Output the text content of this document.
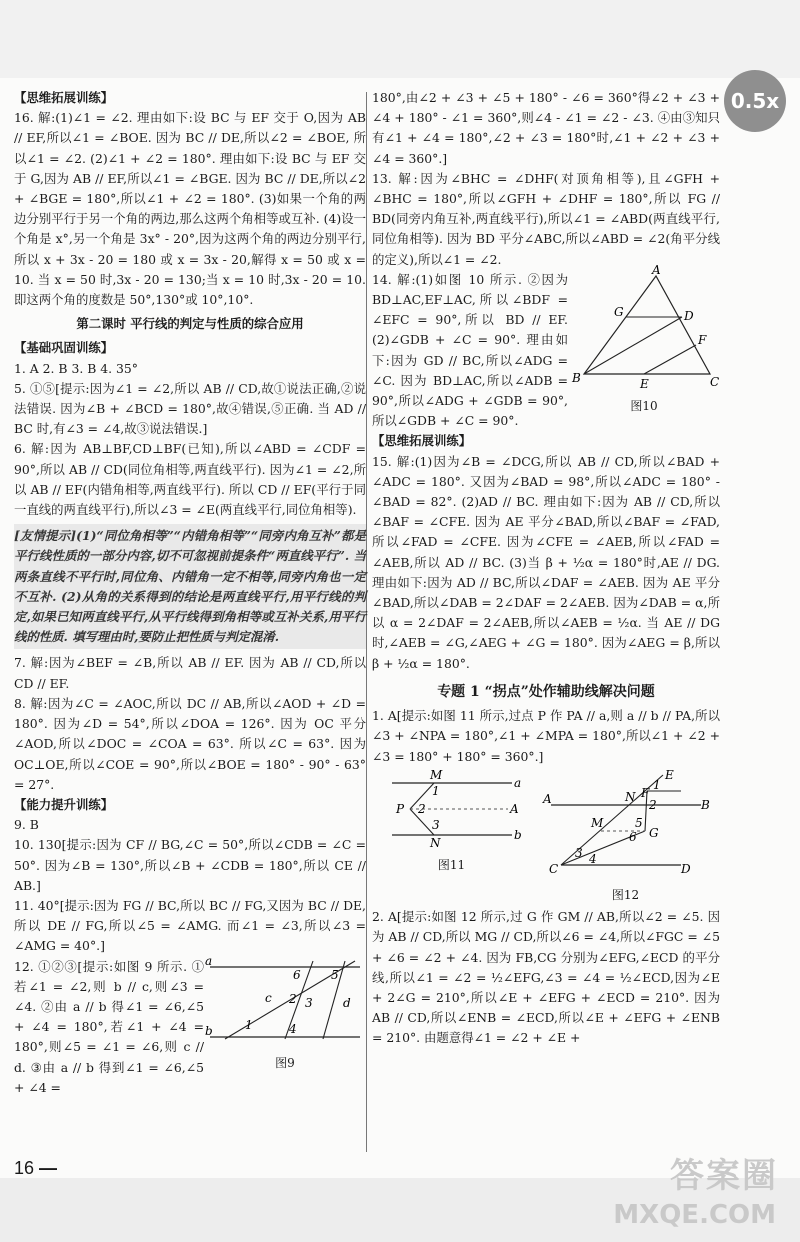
0.5x

【思维拓展训练】

16. 解:(1)∠1 = ∠2. 理由如下:设 BC 与 EF 交于 O,因为 AB // EF,所以∠1 = ∠BOE. 因为 BC // DE,所以∠2 = ∠BOE, 所以∠1 = ∠2. (2)∠1 + ∠2 = 180°. 理由如下:设 BC 与 EF 交于 G,因为 AB // EF,所以∠1 = ∠BGE. 因为 BC // DE,所以∠2 + ∠BGE = 180°,所以∠1 + ∠2 = 180°. (3)如果一个角的两边分别平行于另一个角的两边,那么这两个角相等或互补. (4)设一个角是 x°,另一个角是 3x° - 20°,因为这两个角的两边分别平行,所以 x + 3x - 20 = 180 或 x = 3x - 20,解得 x = 50 或 x = 10. 当 x = 50 时,3x - 20 = 130;当 x = 10 时,3x - 20 = 10. 即这两个角的度数是 50°,130°或 10°,10°.

第二课时 平行线的判定与性质的综合应用

【基础巩固训练】

1. A 2. B 3. B 4. 35°

5. ①⑤[提示:因为∠1 = ∠2,所以 AB // CD,故①说法正确,②说法错误. 因为∠B + ∠BCD = 180°,故④错误,⑤正确. 当 AD // BC 时,有∠3 = ∠4,故③说法错误.]

6. 解:因为 AB⊥BF,CD⊥BF(已知),所以∠ABD = ∠CDF = 90°,所以 AB // CD(同位角相等,两直线平行). 因为∠1 = ∠2,所以 AB // EF(内错角相等,两直线平行). 所以 CD // EF(平行于同一直线的两直线平行),所以∠3 = ∠E(两直线平行,同位角相等).

[友情提示](1)“同位角相等”“内错角相等”“同旁内角互补”都是平行线性质的一部分内容,切不可忽视前提条件“两直线平行”. 当两条直线不平行时,同位角、内错角一定不相等,同旁内角也一定不互补. (2)从角的关系得到的结论是两直线平行,用平行线的判定,如果已知两直线平行,从平行线得到角相等或互补关系,用平行线的性质. 填写理由时,要防止把性质与判定混淆.

7. 解:因为∠BEF = ∠B,所以 AB // EF. 因为 AB // CD,所以 CD // EF.

8. 解:因为∠C = ∠AOC,所以 DC // AB,所以∠AOD + ∠D = 180°. 因为∠D = 54°,所以∠DOA = 126°. 因为 OC 平分∠AOD,所以∠DOC = ∠COA = 63°. 所以∠C = 63°. 因为 OC⊥OE,所以∠COE = 90°,所以∠BOE = 180° - 90° - 63° = 27°.

【能力提升训练】

9. B

10. 130[提示:因为 CF // BG,∠C = 50°,所以∠CDB = ∠C = 50°. 因为∠B = 130°,所以∠B + ∠CDB = 180°,所以 CE // AB.]

11. 40°[提示:因为 FG // BC,所以 BC // FG,又因为 BC // DE,所以 DE // FG,所以∠5 = ∠AMG. 而∠1 = ∠3,所以∠3 = ∠AMG = 40°.]

12. ①②③[提示:如图 9 所示. ①若∠1 = ∠2,则 b // c,则∠3 = ∠4. ②由 a // b 得∠1 = ∠6,∠5 + ∠4 = 180°,若∠1 + ∠4 = 180°,则∠5 = ∠1 = ∠6,则 c // d. ③由 a // b 得到∠1 = ∠6,∠5 + ∠4 =

a
b
c	d
1
2 3
4
5
6
图9

180°,由∠2 + ∠3 + ∠5 + 180° - ∠6 = 360°得∠2 + ∠3 + ∠4 + 180° - ∠1 = 360°,则∠4 - ∠1 = ∠2 - ∠3. ④由③知只有∠1 + ∠4 = 180°,∠2 + ∠3 = 180°时,∠1 + ∠2 + ∠3 + ∠4 = 360°.]

13. 解:因为∠BHC = ∠DHF(对顶角相等),且∠GFH + ∠BHC = 180°,所以∠GFH + ∠DHF = 180°,所以 FG // BD(同旁内角互补,两直线平行),所以∠1 = ∠ABD(两直线平行,同位角相等). 因为 BD 平分∠ABC,所以∠ABD = ∠2(角平分线的定义),所以∠1 = ∠2.

14. 解:(1)如图 10 所示. ②因为 BD⊥AC,EF⊥AC,所以∠BDF = ∠EFC = 90°,所以 BD // EF. (2)∠GDB + ∠C = 90°. 理由如下:因为 GD // BC,所以∠ADG = ∠C. 因为 BD⊥AC,所以∠ADB = 90°,所以∠ADG + ∠GDB = 90°,所以∠GDB + ∠C = 90°.

A
B	C
D
E
F
G
图10

【思维拓展训练】

15. 解:(1)因为∠B = ∠DCG,所以 AB // CD,所以∠BAD + ∠ADC = 180°. 又因为∠BAD = 98°,所以∠ADC = 180° - ∠BAD = 82°. (2)AD // BC. 理由如下:因为 AB // CD,所以∠BAF = ∠CFE. 因为 AE 平分∠BAD,所以∠BAF = ∠FAD,所以∠FAD = ∠CFE. 因为∠CFE = ∠AEB,所以∠FAD = ∠AEB,所以 AD // BC. (3)当 β + ½α = 180°时,AE // DG. 理由如下:因为 AD // BC,所以∠DAF = ∠AEB. 因为 AE 平分∠BAD,所以∠DAB = 2∠DAF = 2∠AEB. 因为∠DAB = α,所以 α = 2∠DAF = 2∠AEB,所以∠AEB = ½α. 当 AE // DG 时,∠AEB = ∠G,∠AEG + ∠G = 180°. 因为∠AEG = β,所以 β + ½α = 180°.

专题 1 “拐点”处作辅助线解决问题

1. A[提示:如图 11 所示,过点 P 作 PA // a,则 a // b // PA,所以∠3 + ∠NPA = 180°,∠1 + ∠MPA = 180°,所以∠1 + ∠2 + ∠3 = 180° + 180° = 360°.]

M
N
P	A
a
b
1
2
3
图11
A	B
C	D
E
F
G
M
N
1
2
3 4
5
6
图12

2. A[提示:如图 12 所示,过 G 作 GM // AB,所以∠2 = ∠5. 因为 AB // CD,所以 MG // CD,所以∠6 = ∠4,所以∠FGC = ∠5 + ∠6 = ∠2 + ∠4. 因为 FB,CG 分别为∠EFG,∠ECD 的平分线,所以∠1 = ∠2 = ½∠EFG,∠3 = ∠4 = ½∠ECD,因为∠E + 2∠G = 210°,所以∠E + ∠EFG + ∠ECD = 210°. 因为 AB // CD,所以∠ENB = ∠ECD,所以∠E + ∠EFG + ∠ENB = 210°. 由题意得∠1 = ∠2 + ∠E +

16 —	答案圈
MXQE.COM
